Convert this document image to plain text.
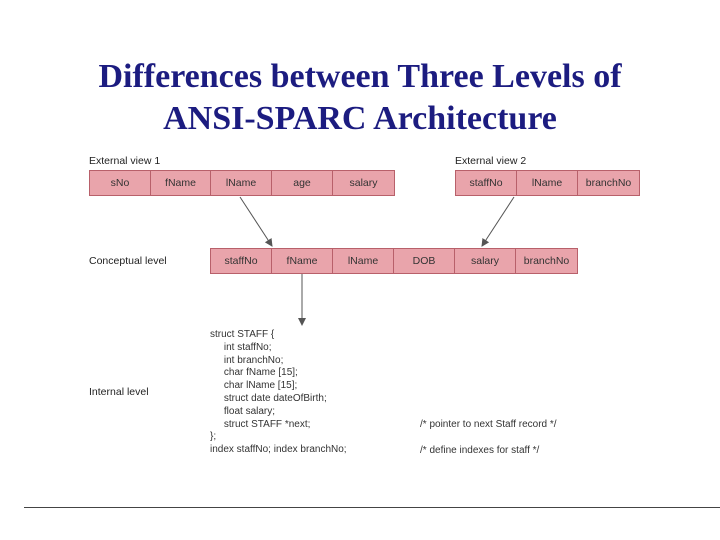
Differences between Three Levels of
ANSI-SPARC Architecture
External view 1
sNo	fName	lName	age	salary
External view 2
staffNo	lName	branchNo
Conceptual level	staffNo	fName	lName	DOB	salary	branchNo
Internal level
struct STAFF {
int staffNo;
int branchNo;
char fName [15];
char lName [15];
struct date dateOfBirth;
float salary;
struct STAFF *next;
};
index staffNo; index branchNo;
/* pointer to next Staff record */
/* define indexes for staff */
